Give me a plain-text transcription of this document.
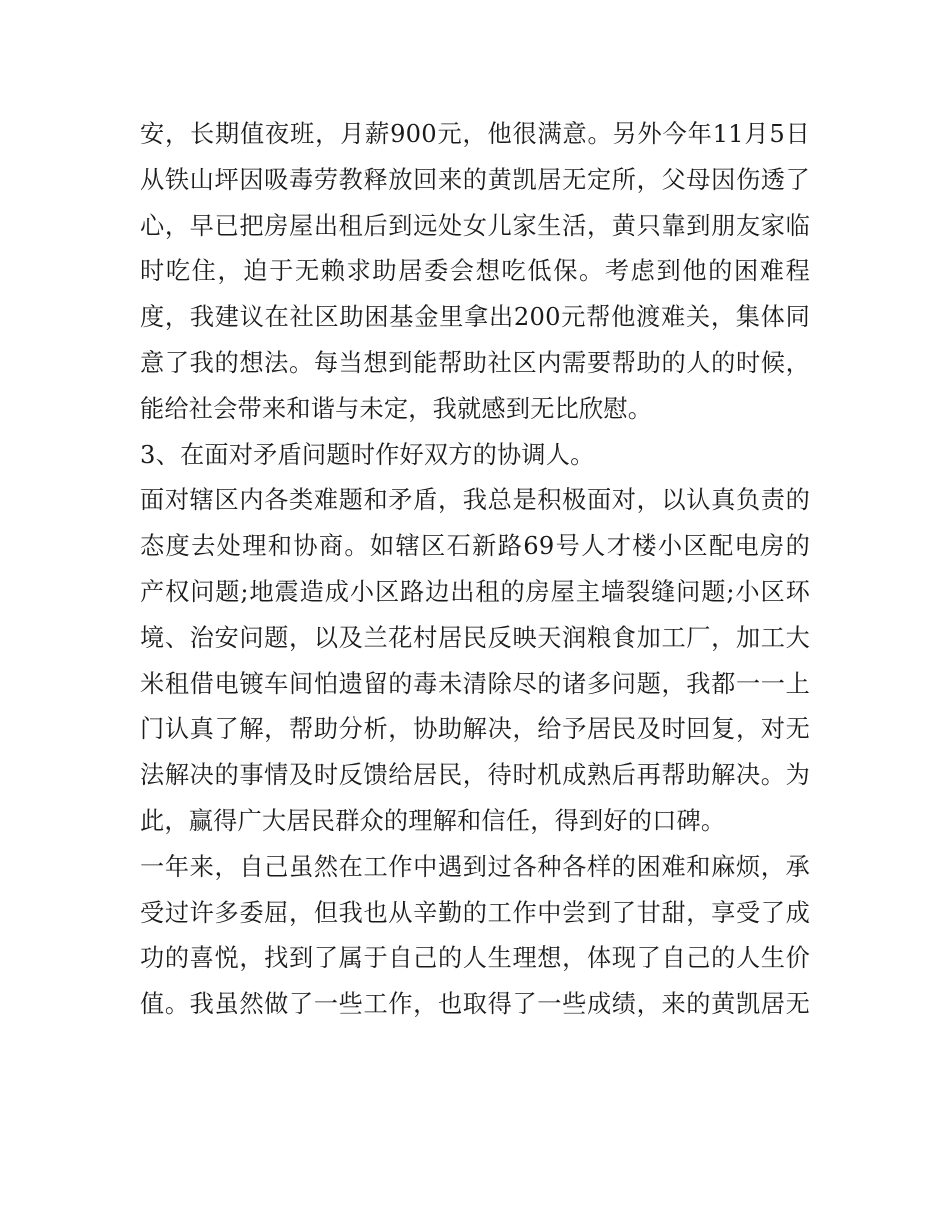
安，长期值夜班，月薪900元，他很满意。另外今年11月5日
从铁山坪因吸毒劳教释放回来的黄凯居无定所，父母因伤透了
心，早已把房屋出租后到远处女儿家生活，黄只靠到朋友家临
时吃住，迫于无赖求助居委会想吃低保。考虑到他的困难程
度，我建议在社区助困基金里拿出200元帮他渡难关，集体同
意了我的想法。每当想到能帮助社区内需要帮助的人的时候，
能给社会带来和谐与未定，我就感到无比欣慰。
3、在面对矛盾问题时作好双方的协调人。
面对辖区内各类难题和矛盾，我总是积极面对，以认真负责的
态度去处理和协商。如辖区石新路69号人才楼小区配电房的
产权问题;地震造成小区路边出租的房屋主墙裂缝问题;小区环
境、治安问题，以及兰花村居民反映天润粮食加工厂，加工大
米租借电镀车间怕遗留的毒未清除尽的诸多问题，我都一一上
门认真了解，帮助分析，协助解决，给予居民及时回复，对无
法解决的事情及时反馈给居民，待时机成熟后再帮助解决。为
此，赢得广大居民群众的理解和信任，得到好的口碑。
一年来，自己虽然在工作中遇到过各种各样的困难和麻烦，承
受过许多委屈，但我也从辛勤的工作中尝到了甘甜，享受了成
功的喜悦，找到了属于自己的人生理想，体现了自己的人生价
值。我虽然做了一些工作，也取得了一些成绩，来的黄凯居无
